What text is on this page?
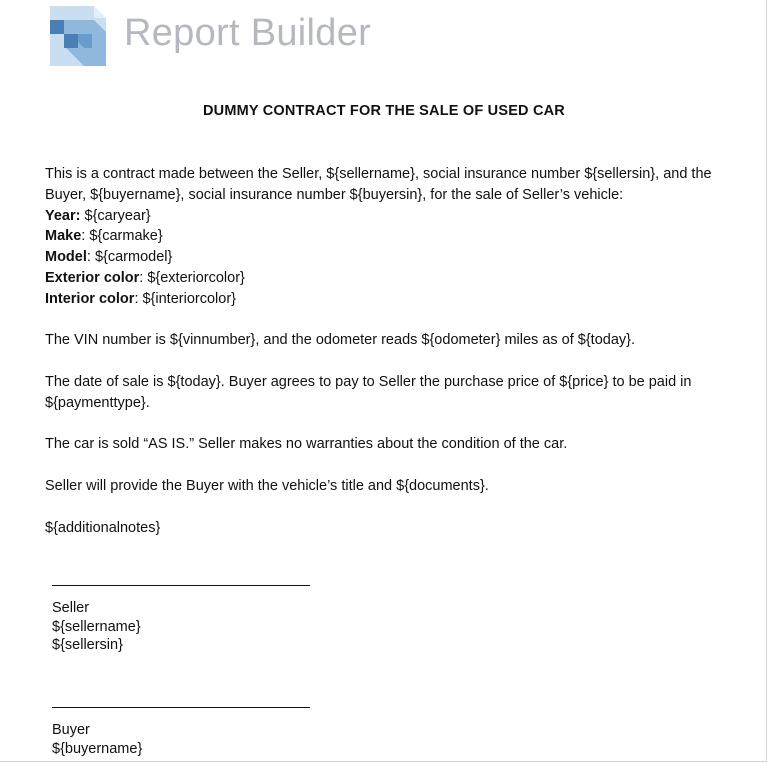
Report Builder
DUMMY CONTRACT FOR THE SALE OF USED CAR

This is a contract made between the Seller, ${sellername}, social insurance number ${sellersin}, and the Buyer, ${buyername}, social insurance number ${buyersin}, for the sale of Seller’s vehicle:

Year: ${caryear}

Make: ${carmake}

Model: ${carmodel}

Exterior color: ${exteriorcolor}

Interior color: ${interiorcolor}

The VIN number is ${vinnumber}, and the odometer reads ${odometer} miles as of ${today}.

The date of sale is ${today}. Buyer agrees to pay to Seller the purchase price of ${price} to be paid in ${paymenttype}.

The car is sold “AS IS.” Seller makes no warranties about the condition of the car.

Seller will provide the Buyer with the vehicle’s title and ${documents}.

${additionalnotes}

Seller
${sellername}
${sellersin}
Buyer
${buyername}
